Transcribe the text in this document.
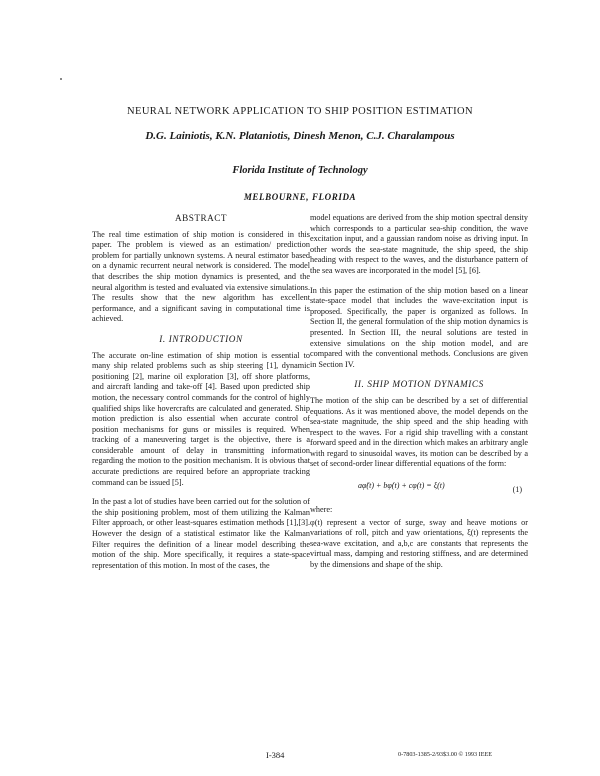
NEURAL NETWORK APPLICATION TO SHIP POSITION ESTIMATION
D.G. Lainiotis, K.N. Plataniotis, Dinesh Menon, C.J. Charalampous
Florida Institute of Technology
MELBOURNE, FLORIDA
ABSTRACT

The real time estimation of ship motion is considered in this paper. The problem is viewed as an estimation/ prediction problem for partially unknown systems. A neural estimator based on a dynamic recurrent neural network is considered. The model that describes the ship motion dynamics is presented, and the neural algorithm is tested and evaluated via extensive simulations. The results show that the new algorithm has excellent performance, and a significant saving in computational time is achieved.

I. INTRODUCTION

The accurate on-line estimation of ship motion is essential to many ship related problems such as ship steering [1], dynamic positioning [2], marine oil exploration [3], off shore platforms, and aircraft landing and take-off [4]. Based upon predicted ship motion, the necessary control commands for the control of highly qualified ships like hovercrafts are calculated and generated. Ship motion prediction is also essential when accurate control of position mechanisms for guns or missiles is required. When tracking of a maneuvering target is the objective, there is a considerable amount of delay in transmitting information regarding the motion to the position mechanism. It is obvious that accurate predictions are required before an appropriate tracking command can be issued [5].

In the past a lot of studies have been carried out for the solution of the ship positioning problem, most of them utilizing the Kalman Filter approach, or other least-squares estimation methods [1],[3]. However the design of a statistical estimator like the Kalman Filter requires the definition of a linear model describing the motion of the ship. More specifically, it requires a state-space representation of this motion. In most of the cases, the

model equations are derived from the ship motion spectral density which corresponds to a particular sea-ship condition, the wave excitation input, and a gaussian random noise as driving input. In other words the sea-state magnitude, the ship speed, the ship heading with respect to the waves, and the disturbance pattern of the sea waves are incorporated in the model [5], [6].

In this paper the estimation of the ship motion based on a linear state-space model that includes the wave-excitation input is proposed. Specifically, the paper is organized as follows. In Section II, the general formulation of the ship motion dynamics is presented. In Section III, the neural solutions are tested in extensive simulations on the ship motion model, and are compared with the conventional methods. Conclusions are given in Section IV.

II. SHIP MOTION DYNAMICS

The motion of the ship can be described by a set of differential equations. As it was mentioned above, the model depends on the sea-state magnitude, the ship speed and the ship heading with respect to the waves. For a rigid ship travelling with a constant forward speed and in the direction which makes an arbitrary angle with regard to sinusoidal waves, its motion can be described by a set of second-order linear differential equations of the form:

aφ̈(t) + bφ̇(t) + cφ(t) = ξ(t)	(1)

where:

φ(t) represent a vector of surge, sway and heave motions or variations of roll, pitch and yaw orientations, ξ(t) represents the sea-wave excitation, and a,b,c are constants that represents the virtual mass, damping and restoring stiffness, and are determined by the dimensions and shape of the ship.

I-384	0-7803-1385-2/93$3.00 © 1993 IEEE
